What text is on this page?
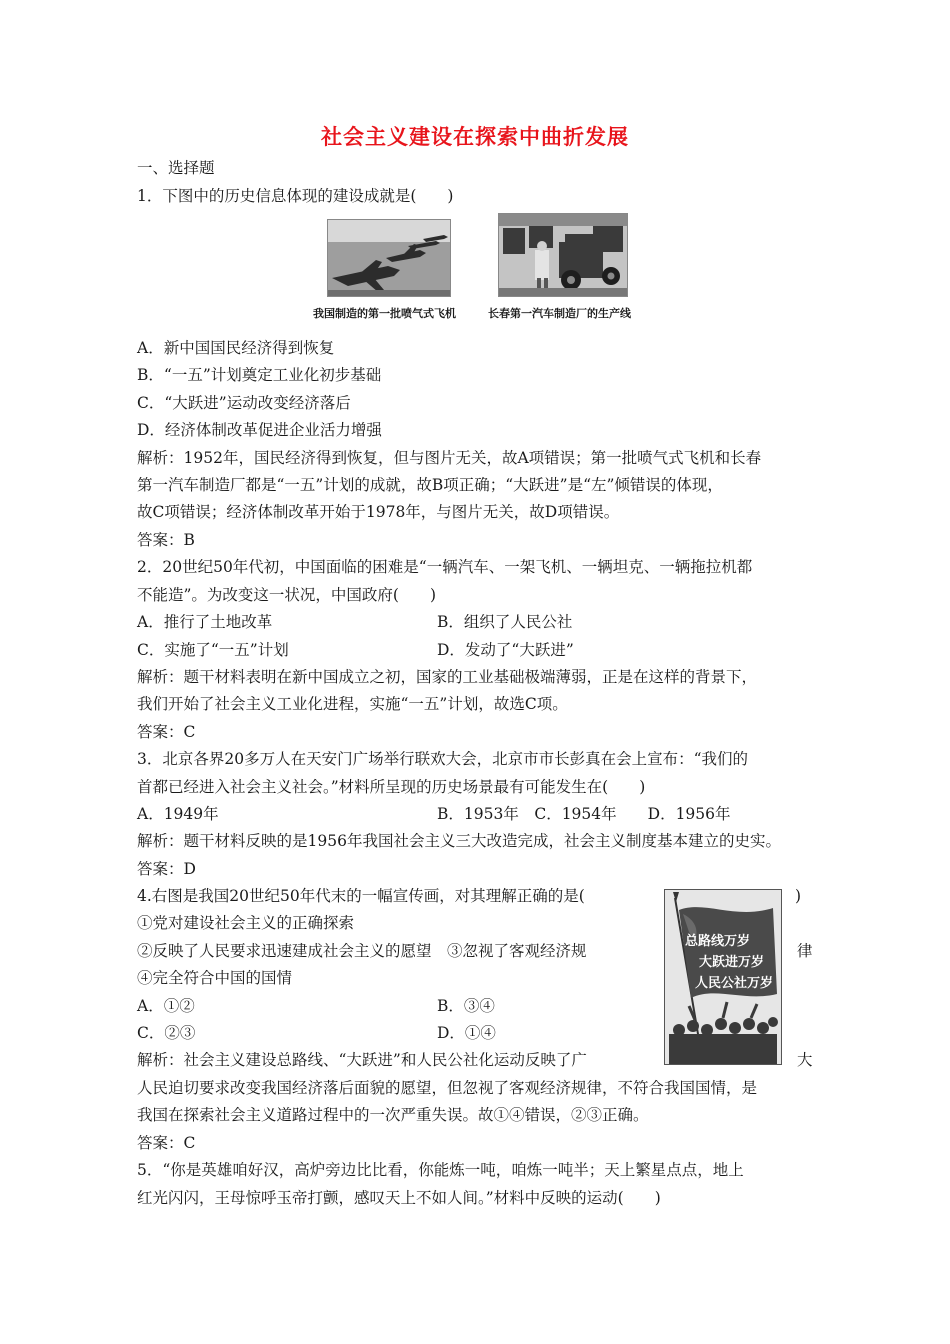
社会主义建设在探索中曲折发展
一、选择题
1．下图中的历史信息体现的建设成就是(　　)
我国制造的第一批喷气式飞机	长春第一汽车制造厂的生产线
A．新中国国民经济得到恢复
B．“一五”计划奠定工业化初步基础
C．“大跃进”运动改变经济落后
D．经济体制改革促进企业活力增强
解析：1952年，国民经济得到恢复，但与图片无关，故A项错误；第一批喷气式飞机和长春
第一汽车制造厂都是“一五”计划的成就，故B项正确；“大跃进”是“左”倾错误的体现，
故C项错误；经济体制改革开始于1978年，与图片无关，故D项错误。
答案：B
2．20世纪50年代初，中国面临的困难是“一辆汽车、一架飞机、一辆坦克、一辆拖拉机都
不能造”。为改变这一状况，中国政府(　　)
A．推行了土地改革	B．组织了人民公社
C．实施了“一五”计划	D．发动了“大跃进”
解析：题干材料表明在新中国成立之初，国家的工业基础极端薄弱，正是在这样的背景下，
我们开始了社会主义工业化进程，实施“一五”计划，故选C项。
答案：C
3．北京各界20多万人在天安门广场举行联欢大会，北京市市长彭真在会上宣布：“我们的
首都已经进入社会主义社会。”材料所呈现的历史场景最有可能发生在(　　)
A．1949年	B．1953年　C．1954年　　D．1956年
解析：题干材料反映的是1956年我国社会主义三大改造完成，社会主义制度基本建立的史实。
答案：D
4.右图是我国20世纪50年代末的一幅宣传画，对其理解正确的是(	)
①党对建设社会主义的正确探索
②反映了人民要求迅速建成社会主义的愿望　③忽视了客观经济规	律
④完全符合中国的国情
A．①②	B．③④
C．②③	D．①④
总路线万岁
大跃进万岁
人民公社万岁
解析：社会主义建设总路线、“大跃进”和人民公社化运动反映了广	大
人民迫切要求改变我国经济落后面貌的愿望，但忽视了客观经济规律，不符合我国国情，是
我国在探索社会主义道路过程中的一次严重失误。故①④错误，②③正确。
答案：C
5．“你是英雄咱好汉，高炉旁边比比看，你能炼一吨，咱炼一吨半；天上繁星点点，地上
红光闪闪，王母惊呼玉帝打颤，感叹天上不如人间。”材料中反映的运动(　　)
